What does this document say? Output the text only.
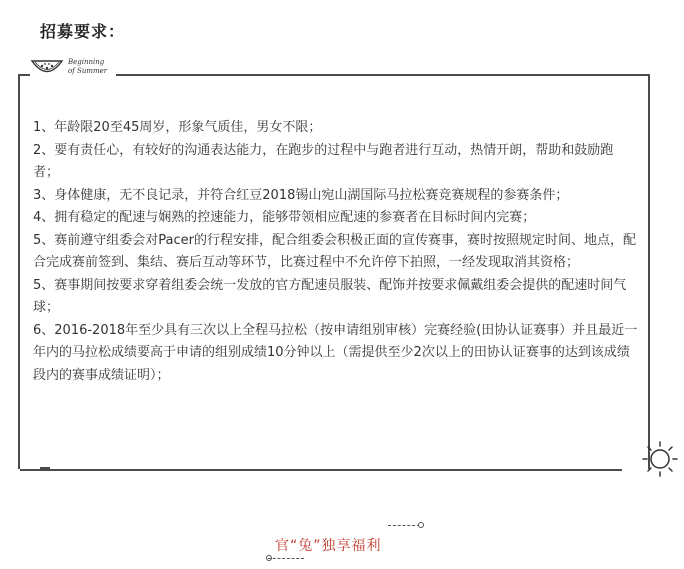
招募要求：
Beginning
of Summer

1、年龄限20至45周岁，形象气质佳，男女不限；

2、要有责任心，有较好的沟通表达能力，在跑步的过程中与跑者进行互动，热情开朗，帮助和鼓励跑者；

3、身体健康，无不良记录，并符合红豆2018锡山宛山湖国际马拉松赛竞赛规程的参赛条件；

4、拥有稳定的配速与娴熟的控速能力，能够带领相应配速的参赛者在目标时间内完赛；

5、赛前遵守组委会对Pacer的行程安排，配合组委会积极正面的宣传赛事，赛时按照规定时间、地点，配合完成赛前签到、集结、赛后互动等环节，比赛过程中不允许停下拍照，一经发现取消其资格；

5、赛事期间按要求穿着组委会统一发放的官方配速员服装、配饰并按要求佩戴组委会提供的配速时间气球；

6、2016-2018年至少具有三次以上全程马拉松（按申请组别审核）完赛经验(田协认证赛事）并且最近一年内的马拉松成绩要高于申请的组别成绩10分钟以上（需提供至少2次以上的田协认证赛事的达到该成绩段内的赛事成绩证明）；

官“兔”独享福利
